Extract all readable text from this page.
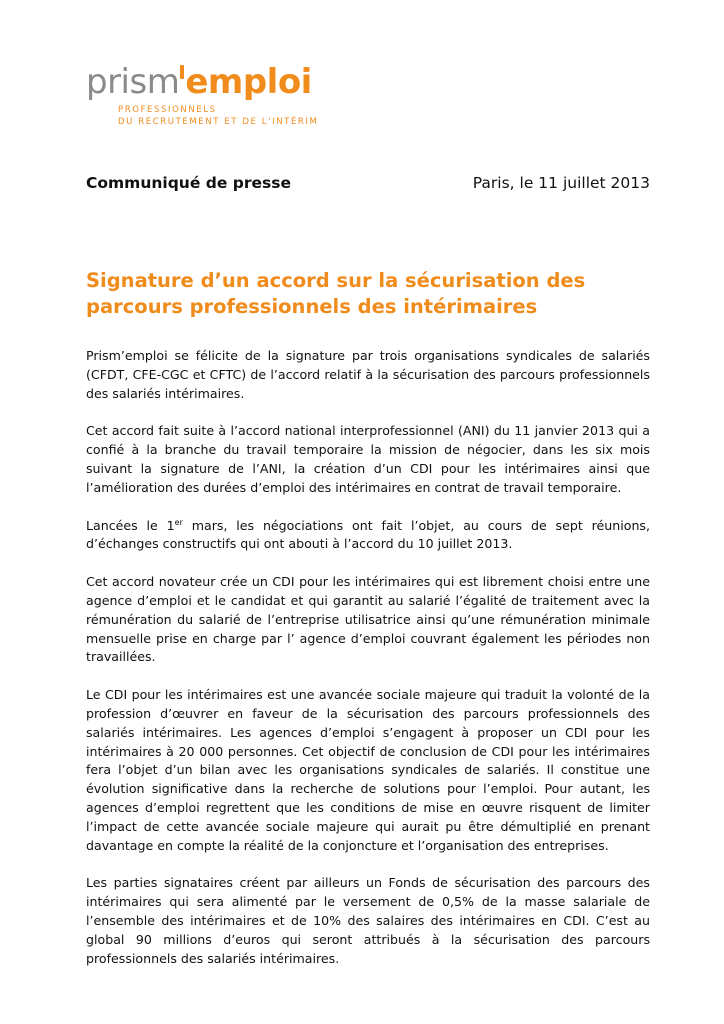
prism emploi
PROFESSIONNELS
DU RECRUTEMENT ET DE L'INTÉRIM
Communiqué de presse	Paris, le 11 juillet 2013
Signature d’un accord sur la sécurisation des parcours professionnels des intérimaires

Prism’emploi se félicite de la signature par trois organisations syndicales de salariés (CFDT, CFE-CGC et CFTC) de l’accord relatif à la sécurisation des parcours professionnels des salariés intérimaires.

Cet accord fait suite à l’accord national interprofessionnel (ANI) du 11 janvier 2013 qui a confié à la branche du travail temporaire la mission de négocier, dans les six mois suivant la signature de l’ANI, la création d’un CDI pour les intérimaires ainsi que l’amélioration des durées d’emploi des intérimaires en contrat de travail temporaire.

Lancées le 1er mars, les négociations ont fait l’objet, au cours de sept réunions, d’échanges constructifs qui ont abouti à l’accord du 10 juillet 2013.

Cet accord novateur crée un CDI pour les intérimaires qui est librement choisi entre une agence d’emploi et le candidat et qui garantit au salarié l’égalité de traitement avec la rémunération du salarié de l’entreprise utilisatrice ainsi qu’une rémunération minimale mensuelle prise en charge par l’ agence d’emploi couvrant également les périodes non travaillées.

Le CDI pour les intérimaires est une avancée sociale majeure qui traduit la volonté de la profession d’œuvrer en faveur de la sécurisation des parcours professionnels des salariés intérimaires. Les agences d’emploi s’engagent à proposer un CDI pour les intérimaires à 20 000 personnes. Cet objectif de conclusion de CDI pour les intérimaires fera l’objet d’un bilan avec les organisations syndicales de salariés. Il constitue une évolution significative dans la recherche de solutions pour l’emploi. Pour autant, les agences d’emploi regrettent que les conditions de mise en œuvre risquent de limiter l’impact de cette avancée sociale majeure qui aurait pu être démultiplié en prenant davantage en compte la réalité de la conjoncture et l’organisation des entreprises.

Les parties signataires créent par ailleurs un Fonds de sécurisation des parcours des intérimaires qui sera alimenté par le versement de 0,5% de la masse salariale de l’ensemble des intérimaires et de 10% des salaires des intérimaires en CDI. C’est au global 90 millions d’euros qui seront attribués à la sécurisation des parcours professionnels des salariés intérimaires.
